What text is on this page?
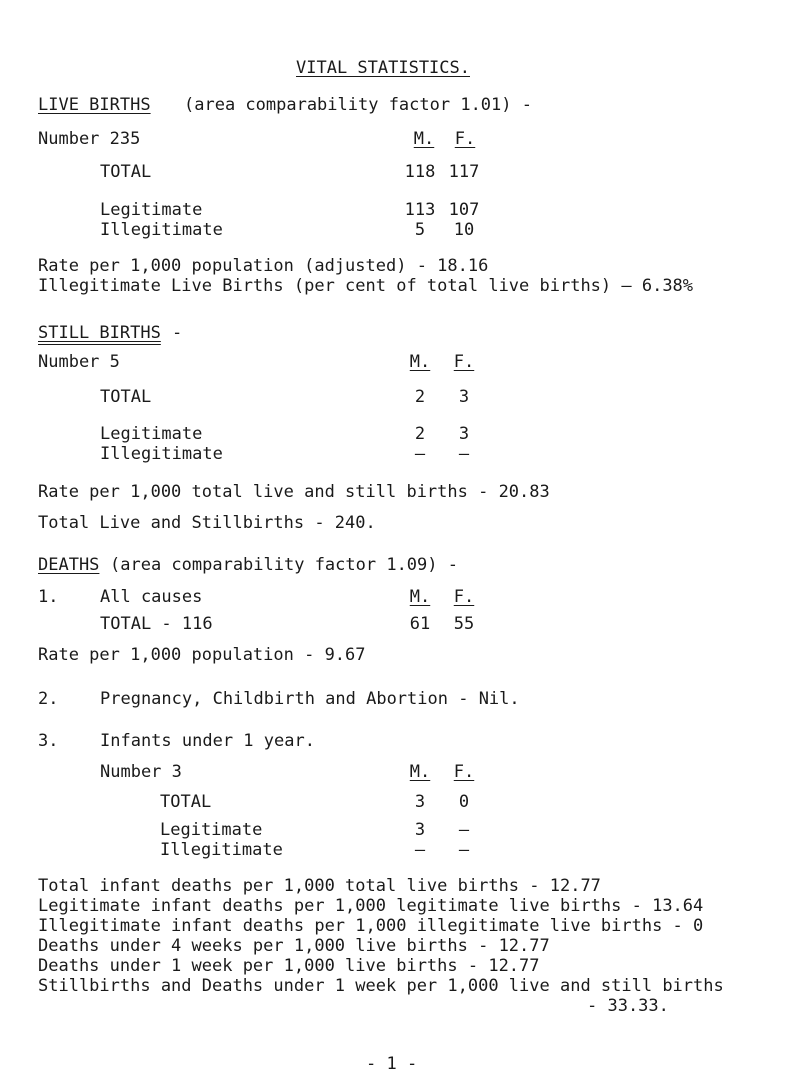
VITAL STATISTICS.
LIVE BIRTHS (area comparability factor 1.01) -
Number 235	M.	F.
TOTAL	118 117
Legitimate	113 107
Illegitimate	5	10
Rate per 1,000 population (adjusted) - 18.16
Illegitimate Live Births (per cent of total live births) — 6.38%
STILL BIRTHS -
Number 5	M.	F.
TOTAL	2	3
Legitimate	2	3
Illegitimate	—	—
Rate per 1,000 total live and still births - 20.83
Total Live and Stillbirths - 240.
DEATHS (area comparability factor 1.09) -
1. All causes	M.	F.
TOTAL - 116	61	55
Rate per 1,000 population - 9.67
2. Pregnancy, Childbirth and Abortion - Nil.
3. Infants under 1 year.
Number 3	M.	F.
TOTAL	3	0
Legitimate	3	—
Illegitimate	—	—
Total infant deaths per 1,000 total live births - 12.77
Legitimate infant deaths per 1,000 legitimate live births - 13.64
Illegitimate infant deaths per 1,000 illegitimate live births - 0
Deaths under 4 weeks per 1,000 live births - 12.77
Deaths under 1 week per 1,000 live births - 12.77
Stillbirths and Deaths under 1 week per 1,000 live and still births
- 33.33.
- 1 -
